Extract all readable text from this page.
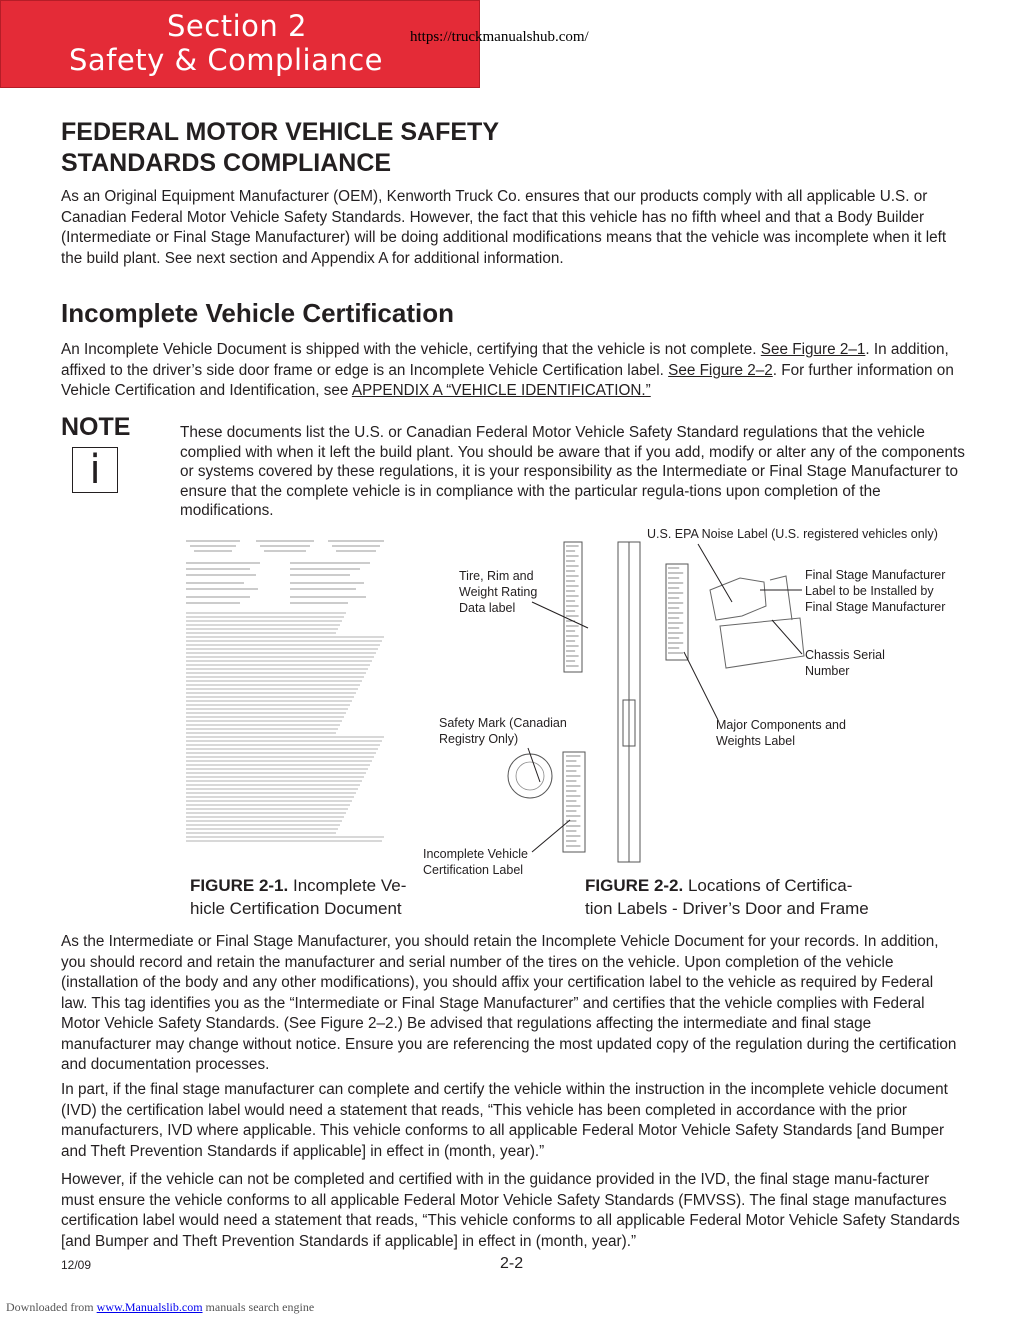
Section 2
Safety & Compliance
https://truckmanualshub.com/
FEDERAL MOTOR VEHICLE SAFETY
STANDARDS COMPLIANCE

As an Original Equipment Manufacturer (OEM), Kenworth Truck Co. ensures that our products comply with all applicable U.S. or Canadian Federal Motor Vehicle Safety Standards. However, the fact that this vehicle has no fifth wheel and that a Body Builder (Intermediate or Final Stage Manufacturer) will be doing additional modifications means that the vehicle was incomplete when it left the build plant. See next section and Appendix A for additional information.

Incomplete Vehicle Certification

An Incomplete Vehicle Document is shipped with the vehicle, certifying that the vehicle is not complete. See Figure 2–1. In addition, affixed to the driver’s side door frame or edge is an Incomplete Vehicle Certification label. See Figure 2–2. For further information on Vehicle Certification and Identification, see APPENDIX A “VEHICLE IDENTIFICATION.”

NOTE
i

These documents list the U.S. or Canadian Federal Motor Vehicle Safety Standard regulations that the vehicle complied with when it left the build plant. You should be aware that if you add, modify or alter any of the components or systems covered by these regulations, it is your responsibility as the Intermediate or Final Stage Manufacturer to ensure that the complete vehicle is in compliance with the particular regula-tions upon completion of the modifications.

U.S. EPA Noise Label (U.S. registered vehicles only)
Tire, Rim and
Weight Rating
Data label
Final Stage Manufacturer
Label to be Installed by
Final Stage Manufacturer
Chassis Serial
Number
Safety Mark (Canadian
Registry Only)
Major Components and
Weights Label
Incomplete Vehicle
Certification Label
FIGURE 2-1. Incomplete Ve-
hicle Certification Document
FIGURE 2-2. Locations of Certifica-
tion Labels - Driver’s Door and Frame

As the Intermediate or Final Stage Manufacturer, you should retain the Incomplete Vehicle Document for your records. In addition, you should record and retain the manufacturer and serial number of the tires on the vehicle. Upon completion of the vehicle (installation of the body and any other modifications), you should affix your certification label to the vehicle as required by Federal law. This tag identifies you as the “Intermediate or Final Stage Manufacturer” and certifies that the vehicle complies with Federal Motor Vehicle Safety Standards. (See Figure 2–2.) Be advised that regulations affecting the intermediate and final stage manufacturer may change without notice. Ensure you are referencing the most updated copy of the regulation during the certification and documentation processes.

In part, if the final stage manufacturer can complete and certify the vehicle within the instruction in the incomplete vehicle document (IVD) the certification label would need a statement that reads, “This vehicle has been completed in accordance with the prior manufacturers, IVD where applicable. This vehicle conforms to all applicable Federal Motor Vehicle Safety Standards [and Bumper and Theft Prevention Standards if applicable] in effect in (month, year).”

However, if the vehicle can not be completed and certified with in the guidance provided in the IVD, the final stage manu-facturer must ensure the vehicle conforms to all applicable Federal Motor Vehicle Safety Standards (FMVSS). The final stage manufactures certification label would need a statement that reads, “This vehicle conforms to all applicable Federal Motor Vehicle Safety Standards [and Bumper and Theft Prevention Standards if applicable] in effect in (month, year).”

12/09	2-2
Downloaded from www.Manualslib.com manuals search engine
